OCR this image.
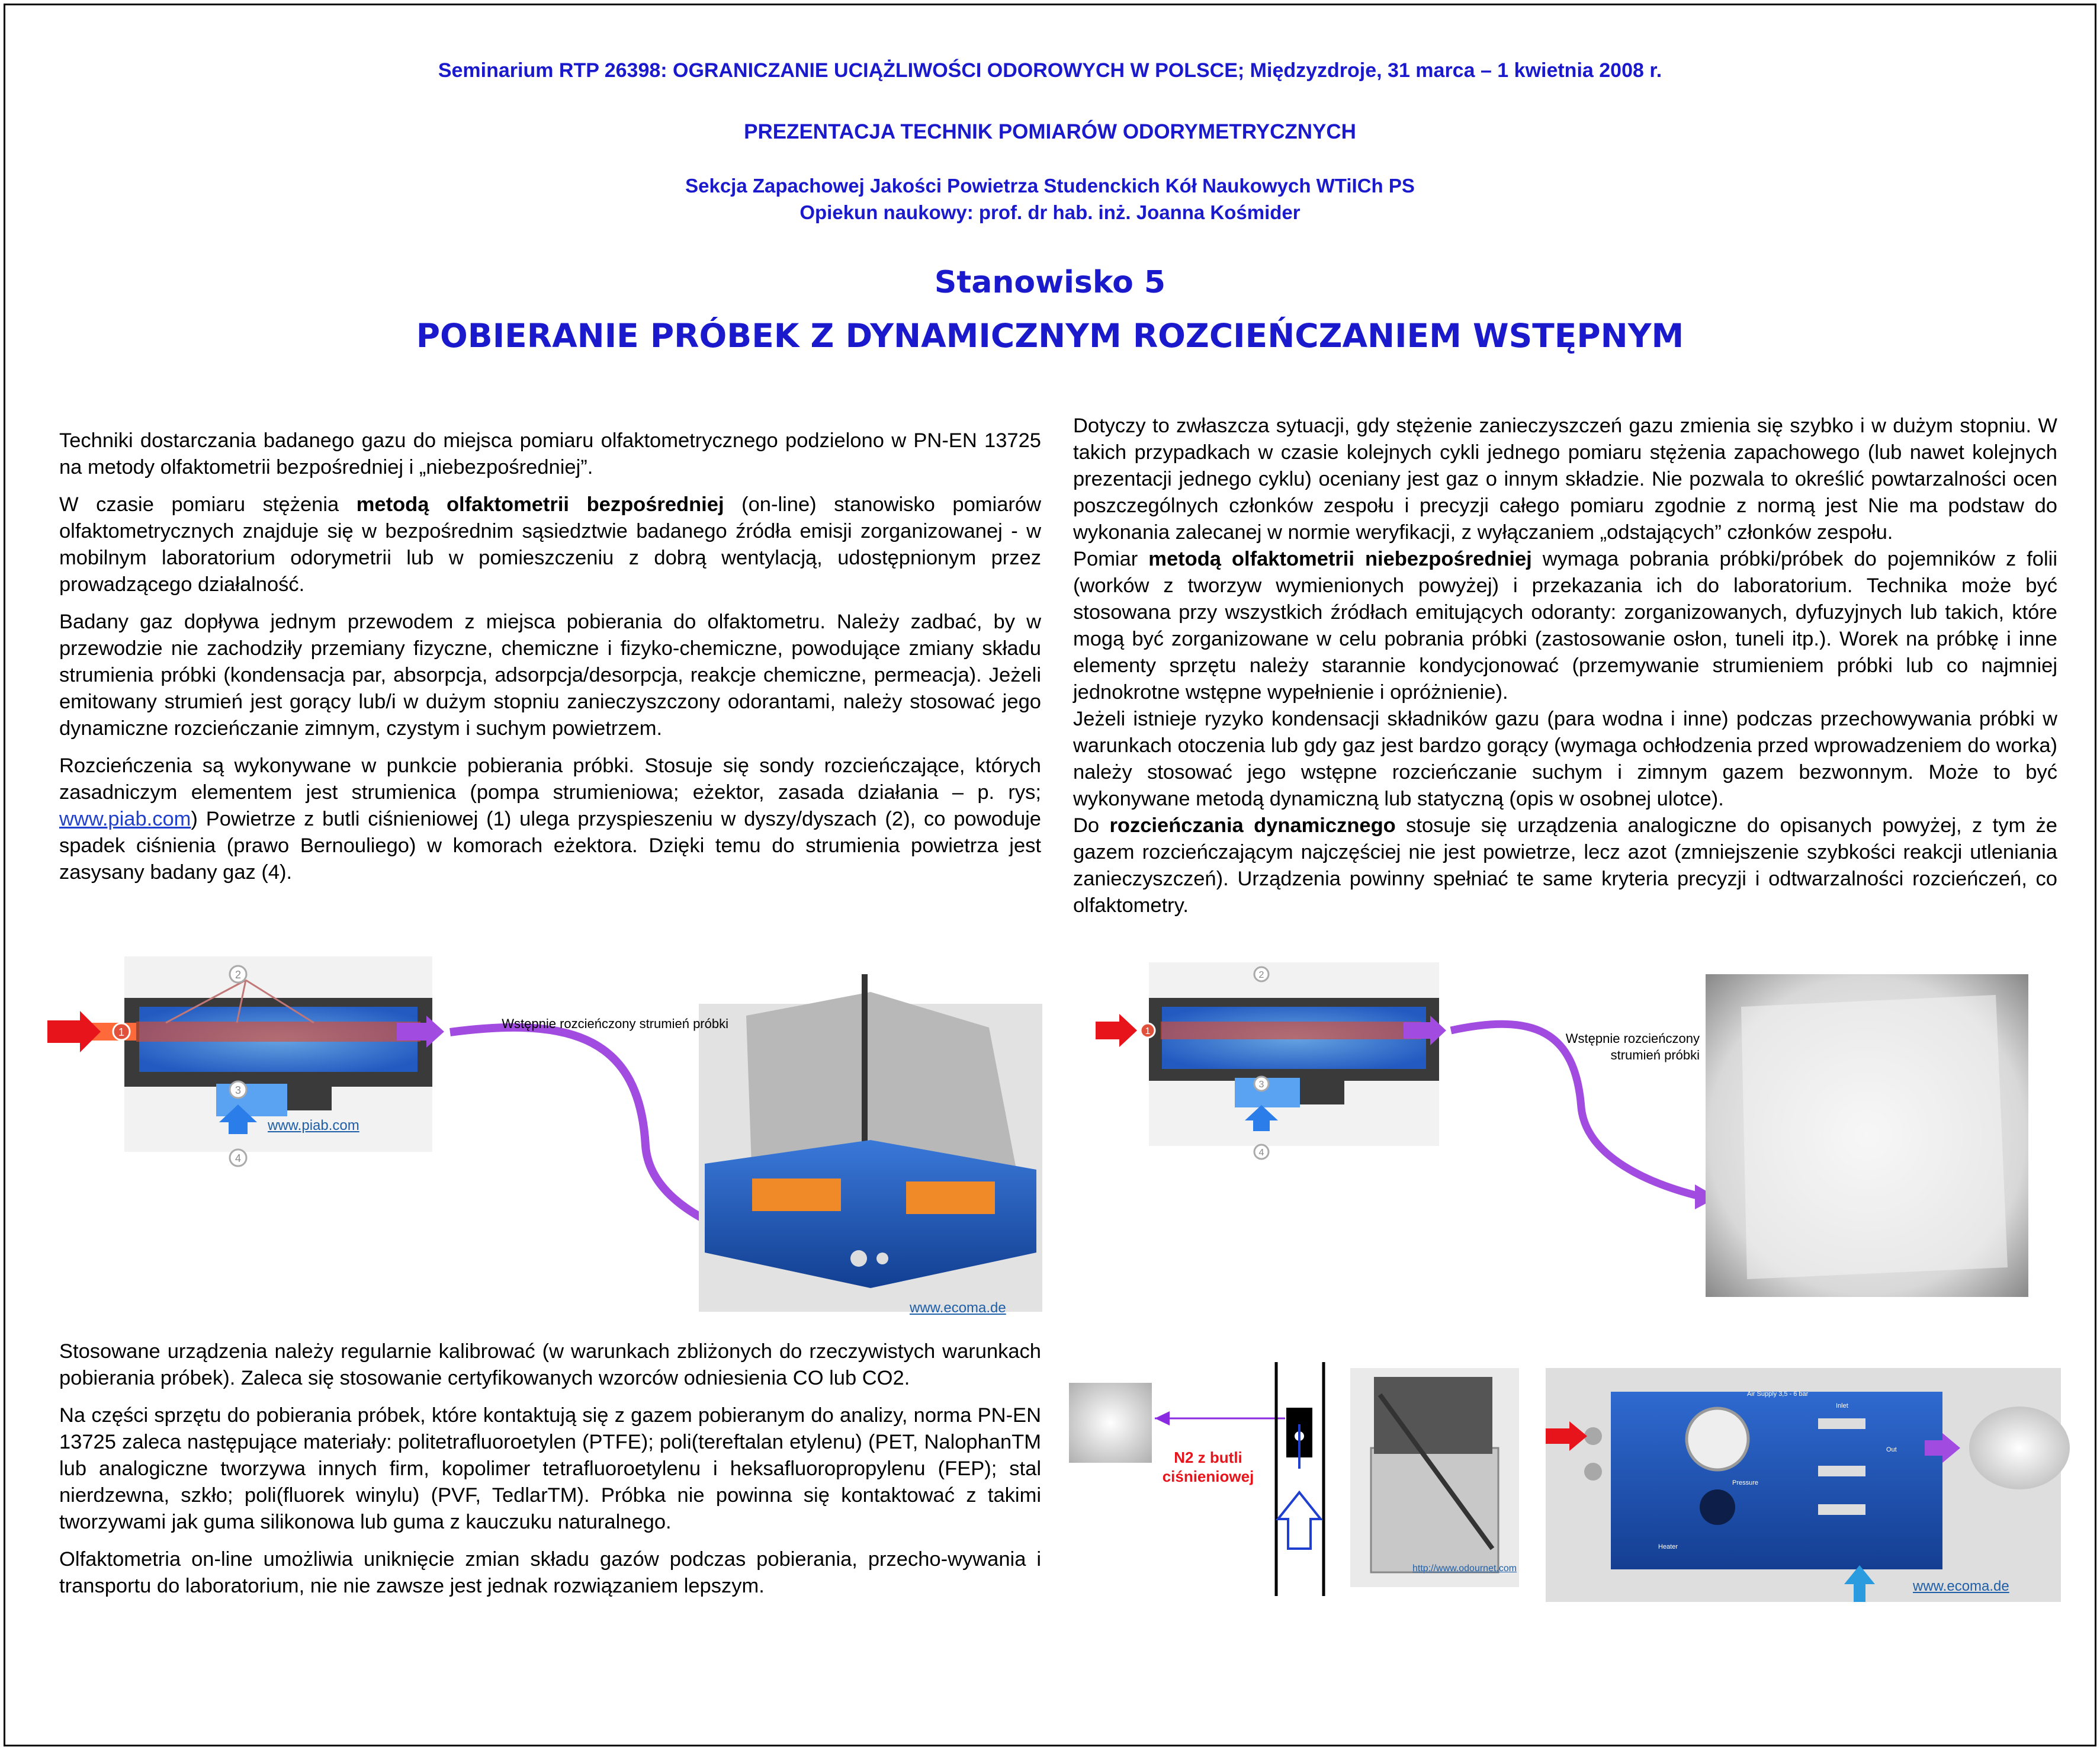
Seminarium RTP 26398: OGRANICZANIE UCIĄŻLIWOŚCI ODOROWYCH W POLSCE; Międzyzdroje, 31 marca – 1 kwietnia 2008 r.
PREZENTACJA TECHNIK POMIARÓW ODORYMETRYCZNYCH
Sekcja Zapachowej Jakości Powietrza Studenckich Kół Naukowych WTiICh PS
Opiekun naukowy: prof. dr hab. inż. Joanna Kośmider
Stanowisko 5
POBIERANIE PRÓBEK Z DYNAMICZNYM ROZCIEŃCZANIEM WSTĘPNYM

Techniki dostarczania badanego gazu do miejsca pomiaru olfaktometrycznego podzielono w PN-EN 13725 na metody olfaktometrii bezpośredniej i „niebezpośredniej”.

W czasie pomiaru stężenia metodą olfaktometrii bezpośredniej (on-line) stanowisko pomiarów olfaktometrycznych znajduje się w bezpośrednim sąsiedztwie badanego źródła emisji zorganizowanej - w mobilnym laboratorium odorymetrii lub w pomieszczeniu z dobrą wentylacją, udostępnionym przez prowadzącego działalność.

Badany gaz dopływa jednym przewodem z miejsca pobierania do olfaktometru. Należy zadbać, by w przewodzie nie zachodziły przemiany fizyczne, chemiczne i fizyko-chemiczne, powodujące zmiany składu strumienia próbki (kondensacja par, absorpcja, adsorpcja/desorpcja, reakcje chemiczne, permeacja). Jeżeli emitowany strumień jest gorący lub/i w dużym stopniu zanieczyszczony odorantami, należy stosować jego dynamiczne rozcieńczanie zimnym, czystym i suchym powietrzem.

Rozcieńczenia są wykonywane w punkcie pobierania próbki. Stosuje się sondy rozcieńczające, których zasadniczym elementem jest strumienica (pompa strumieniowa; eżektor, zasada działania – p. rys; www.piab.com) Powietrze z butli ciśnieniowej (1) ulega przyspieszeniu w dyszy/dyszach (2), co powoduje spadek ciśnienia (prawo Bernouliego) w komorach eżektora. Dzięki temu do strumienia powietrza jest zasysany badany gaz (4).

Stosowane urządzenia należy regularnie kalibrować (w warunkach zbliżonych do rzeczywistych warunkach pobierania próbek). Zaleca się stosowanie certyfikowanych wzorców odniesienia CO lub CO2.

Na części sprzętu do pobierania próbek, które kontaktują się z gazem pobieranym do analizy, norma PN-EN 13725 zaleca następujące materiały: politetrafluoroetylen (PTFE); poli(tereftalan etylenu) (PET, NalophanTM lub analogiczne tworzywa innych firm, kopolimer tetrafluoroetylenu i heksafluoropropylenu (FEP); stal nierdzewna, szkło; poli(fluorek winylu) (PVF, TedlarTM). Próbka nie powinna się kontaktować z takimi tworzywami jak guma silikonowa lub guma z kauczuku naturalnego.

Olfaktometria on-line umożliwia uniknięcie zmian składu gazów podczas pobierania, przecho-wywania i transportu do laboratorium, nie nie zawsze jest jednak rozwiązaniem lepszym.

Dotyczy to zwłaszcza sytuacji, gdy stężenie zanieczyszczeń gazu zmienia się szybko i w dużym stopniu. W takich przypadkach w czasie kolejnych cykli jednego pomiaru stężenia zapachowego (lub nawet kolejnych prezentacji jednego cyklu) oceniany jest gaz o innym składzie. Nie pozwala to określić powtarzalności ocen poszczególnych członków zespołu i precyzji całego pomiaru zgodnie z normą jest Nie ma podstaw do wykonania zalecanej w normie weryfikacji, z wyłączaniem „odstających” członków zespołu.

Pomiar metodą olfaktometrii niebezpośredniej wymaga pobrania próbki/próbek do pojemników z folii (worków z tworzyw wymienionych powyżej) i przekazania ich do laboratorium. Technika może być stosowana przy wszystkich źródłach emitujących odoranty: zorganizowanych, dyfuzyjnych lub takich, które mogą być zorganizowane w celu pobrania próbki (zastosowanie osłon, tuneli itp.). Worek na próbkę i inne elementy sprzętu należy starannie kondycjonować (przemywanie strumieniem próbki lub co najmniej jednokrotne wstępne wypełnienie i opróżnienie).

Jeżeli istnieje ryzyko kondensacji składników gazu (para wodna i inne) podczas przechowywania próbki w warunkach otoczenia lub gdy gaz jest bardzo gorący (wymaga ochłodzenia przed wprowadzeniem do worka) należy stosować jego wstępne rozcieńczanie suchym i zimnym gazem bezwonnym. Może to być wykonywane metodą dynamiczną lub statyczną (opis w osobnej ulotce).

Do rozcieńczania dynamicznego stosuje się urządzenia analogiczne do opisanych powyżej, z tym że gazem rozcieńczającym najczęściej nie jest powietrze, lecz azot (zmniejszenie szybkości reakcji utleniania zanieczyszczeń). Urządzenia powinny spełniać te same kryteria precyzji i odtwarzalności rozcieńczeń, co olfaktometry.

1
2
3
4
Wstępnie rozcieńczony strumień próbki
www.piab.com
www.ecoma.de
1
2
3
4
Wstępnie rozcieńczony strumień próbki
Air Supply 3,5 - 6 bar
Pressure
Heater
Inlet
Out
N2 z butli ciśnieniowej
http://www.odournet.com
www.ecoma.de
